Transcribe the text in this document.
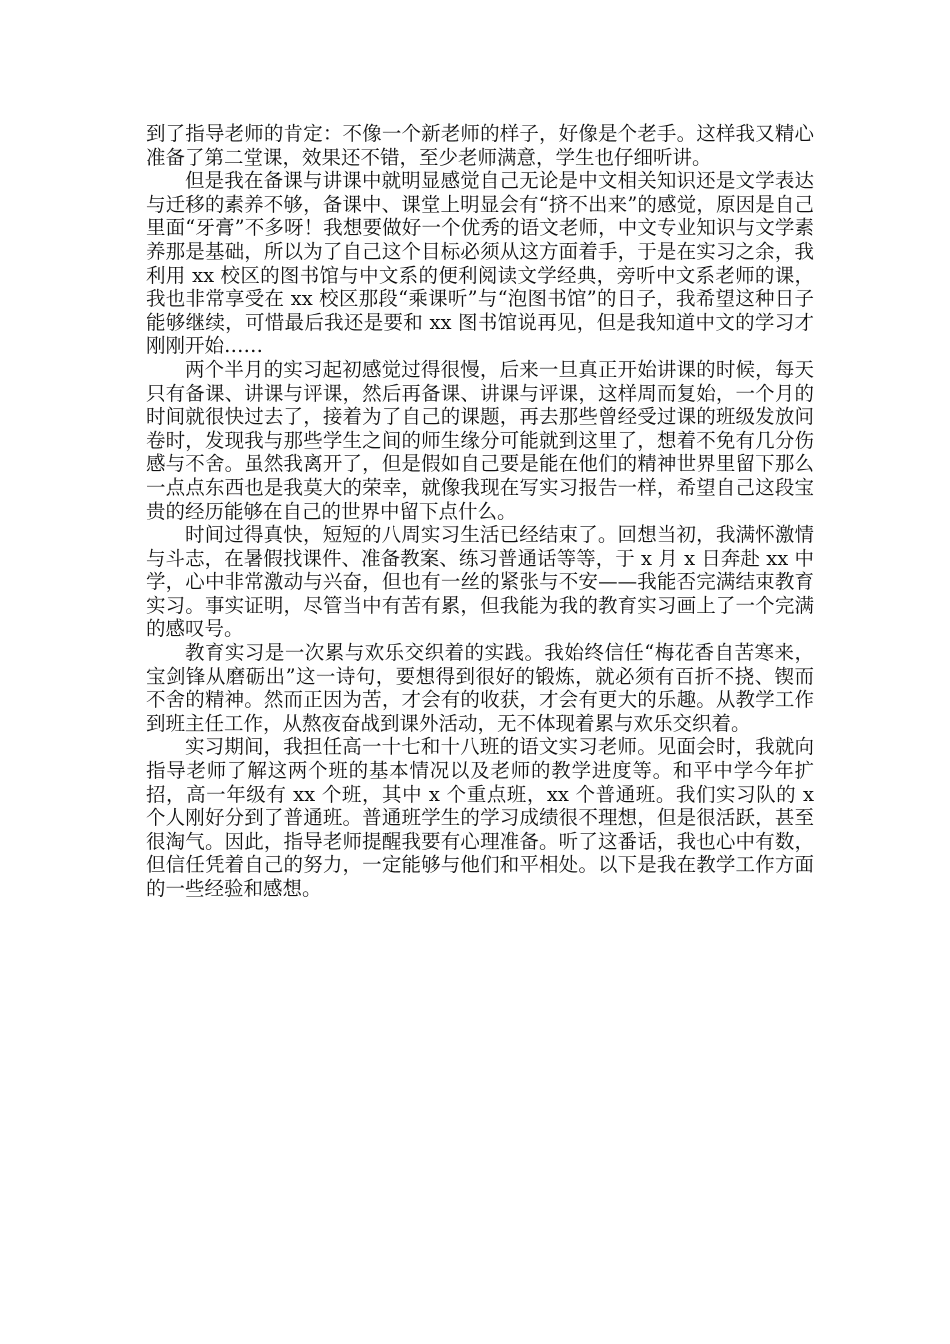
到了指导老师的肯定：不像一个新老师的样子，好像是个老手。这样我又精心准备了第二堂课，效果还不错，至少老师满意，学生也仔细听讲。

但是我在备课与讲课中就明显感觉自己无论是中文相关知识还是文学表达与迁移的素养不够，备课中、课堂上明显会有“挤不出来”的感觉，原因是自己里面“牙膏”不多呀！我想要做好一个优秀的语文老师，中文专业知识与文学素养那是基础，所以为了自己这个目标必须从这方面着手，于是在实习之余，我利用 xx 校区的图书馆与中文系的便利阅读文学经典，旁听中文系老师的课，我也非常享受在 xx 校区那段“乘课听”与“泡图书馆”的日子，我希望这种日子能够继续，可惜最后我还是要和 xx 图书馆说再见，但是我知道中文的学习才刚刚开始……

两个半月的实习起初感觉过得很慢，后来一旦真正开始讲课的时候，每天只有备课、讲课与评课，然后再备课、讲课与评课，这样周而复始，一个月的时间就很快过去了，接着为了自己的课题，再去那些曾经受过课的班级发放问卷时，发现我与那些学生之间的师生缘分可能就到这里了，想着不免有几分伤感与不舍。虽然我离开了，但是假如自己要是能在他们的精神世界里留下那么一点点东西也是我莫大的荣幸，就像我现在写实习报告一样，希望自己这段宝贵的经历能够在自己的世界中留下点什么。

时间过得真快，短短的八周实习生活已经结束了。回想当初，我满怀激情与斗志，在暑假找课件、准备教案、练习普通话等等，于 x 月 x 日奔赴 xx 中学，心中非常激动与兴奋，但也有一丝的紧张与不安——我能否完满结束教育实习。事实证明，尽管当中有苦有累，但我能为我的教育实习画上了一个完满的感叹号。

教育实习是一次累与欢乐交织着的实践。我始终信任“梅花香自苦寒来，宝剑锋从磨砺出”这一诗句，要想得到很好的锻炼，就必须有百折不挠、锲而不舍的精神。然而正因为苦，才会有的收获，才会有更大的乐趣。从教学工作到班主任工作，从熬夜奋战到课外活动，无不体现着累与欢乐交织着。

实习期间，我担任高一十七和十八班的语文实习老师。见面会时，我就向指导老师了解这两个班的基本情况以及老师的教学进度等。和平中学今年扩招，高一年级有 xx 个班，其中 x 个重点班，xx 个普通班。我们实习队的 x 个人刚好分到了普通班。普通班学生的学习成绩很不理想，但是很活跃，甚至很淘气。因此，指导老师提醒我要有心理准备。听了这番话，我也心中有数，但信任凭着自己的努力，一定能够与他们和平相处。以下是我在教学工作方面的一些经验和感想。
